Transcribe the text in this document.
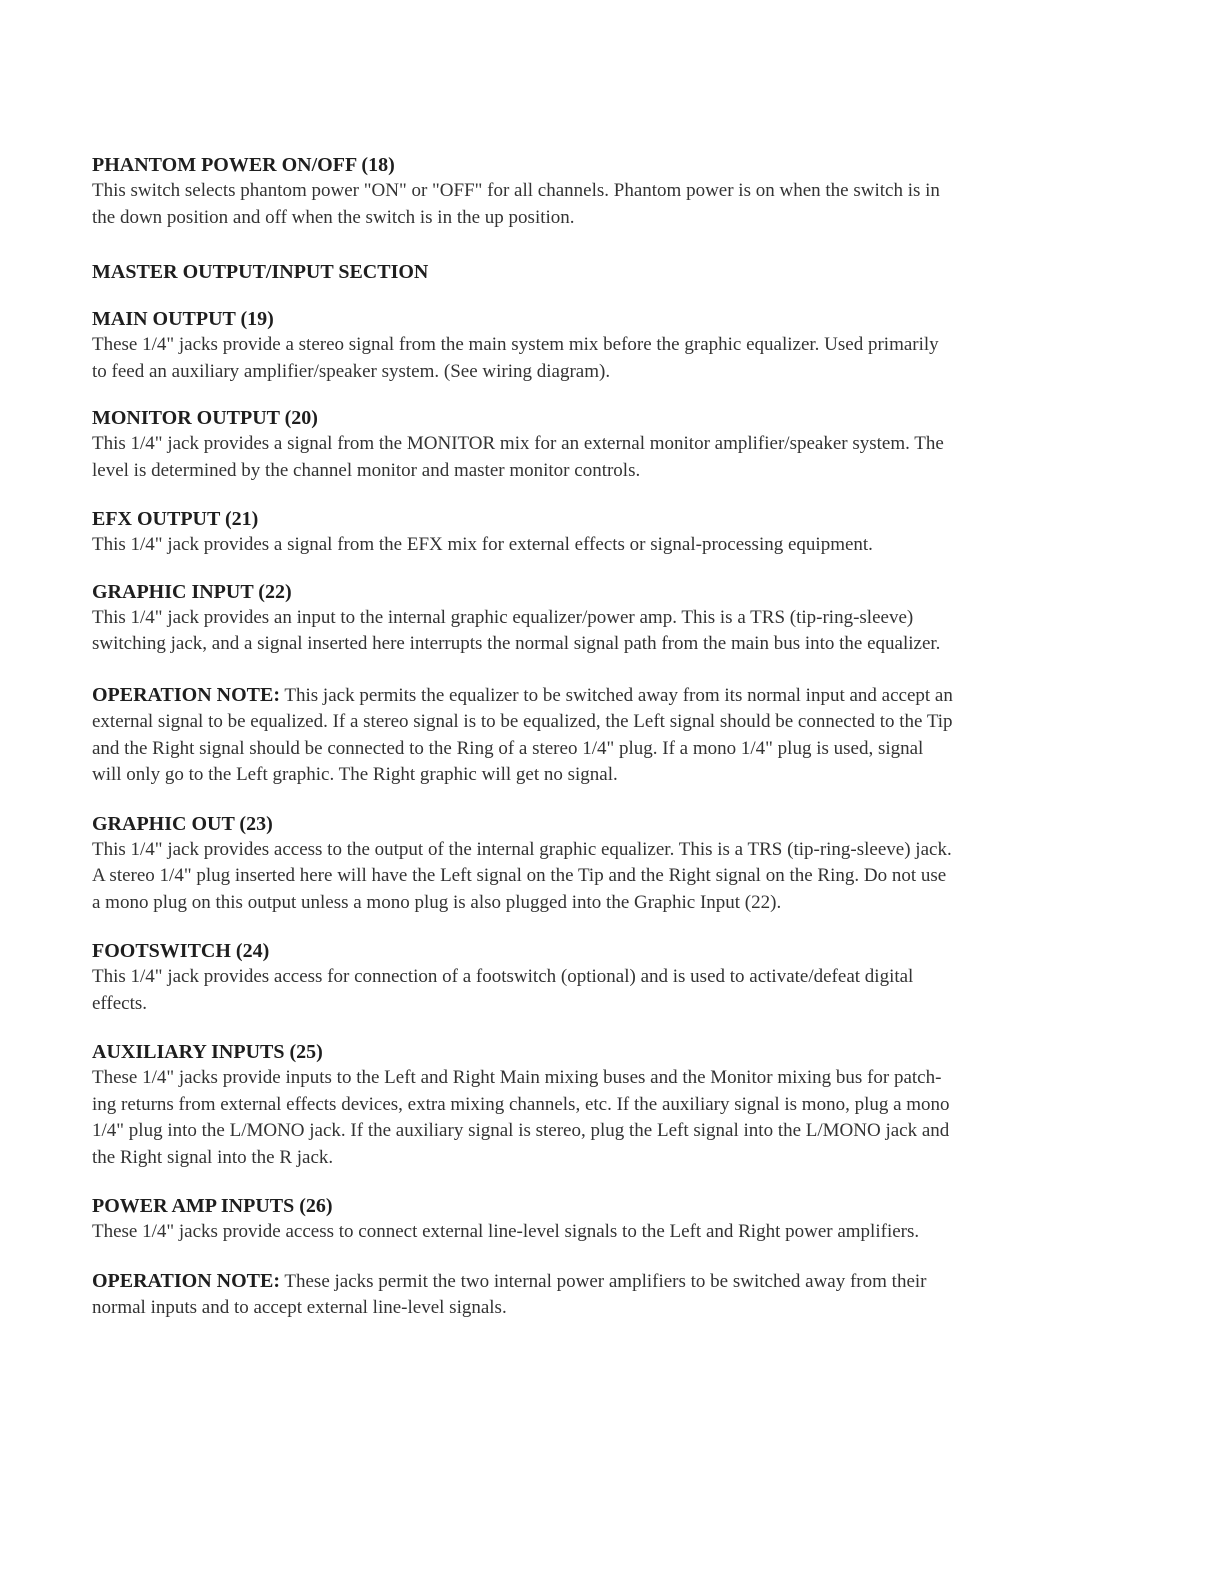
PHANTOM POWER ON/OFF (18)
This switch selects phantom power "ON" or "OFF" for all channels. Phantom power is on when the switch is in
the down position and off when the switch is in the up position.
MASTER OUTPUT/INPUT SECTION
MAIN OUTPUT (19)
These 1/4" jacks provide a stereo signal from the main system mix before the graphic equalizer. Used primarily
to feed an auxiliary amplifier/speaker system. (See wiring diagram).
MONITOR OUTPUT (20)
This 1/4" jack provides a signal from the MONITOR mix for an external monitor amplifier/speaker system. The
level is determined by the channel monitor and master monitor controls.
EFX OUTPUT (21)
This 1/4" jack provides a signal from the EFX mix for external effects or signal-processing equipment.
GRAPHIC INPUT (22)
This 1/4" jack provides an input to the internal graphic equalizer/power amp. This is a TRS (tip-ring-sleeve)
switching jack, and a signal inserted here interrupts the normal signal path from the main bus into the equalizer.
OPERATION NOTE: This jack permits the equalizer to be switched away from its normal input and accept an
external signal to be equalized. If a stereo signal is to be equalized, the Left signal should be connected to the Tip
and the Right signal should be connected to the Ring of a stereo 1/4" plug. If a mono 1/4" plug is used, signal
will only go to the Left graphic. The Right graphic will get no signal.
GRAPHIC OUT (23)
This 1/4" jack provides access to the output of the internal graphic equalizer. This is a TRS (tip-ring-sleeve) jack.
A stereo 1/4" plug inserted here will have the Left signal on the Tip and the Right signal on the Ring. Do not use
a mono plug on this output unless a mono plug is also plugged into the Graphic Input (22).
FOOTSWITCH (24)
This 1/4" jack provides access for connection of a footswitch (optional) and is used to activate/defeat digital
effects.
AUXILIARY INPUTS (25)
These 1/4" jacks provide inputs to the Left and Right Main mixing buses and the Monitor mixing bus for patch-
ing returns from external effects devices, extra mixing channels, etc. If the auxiliary signal is mono, plug a mono
1/4" plug into the L/MONO jack. If the auxiliary signal is stereo, plug the Left signal into the L/MONO jack and
the Right signal into the R jack.
POWER AMP INPUTS (26)
These 1/4" jacks provide access to connect external line-level signals to the Left and Right power amplifiers.
OPERATION NOTE: These jacks permit the two internal power amplifiers to be switched away from their
normal inputs and to accept external line-level signals.
